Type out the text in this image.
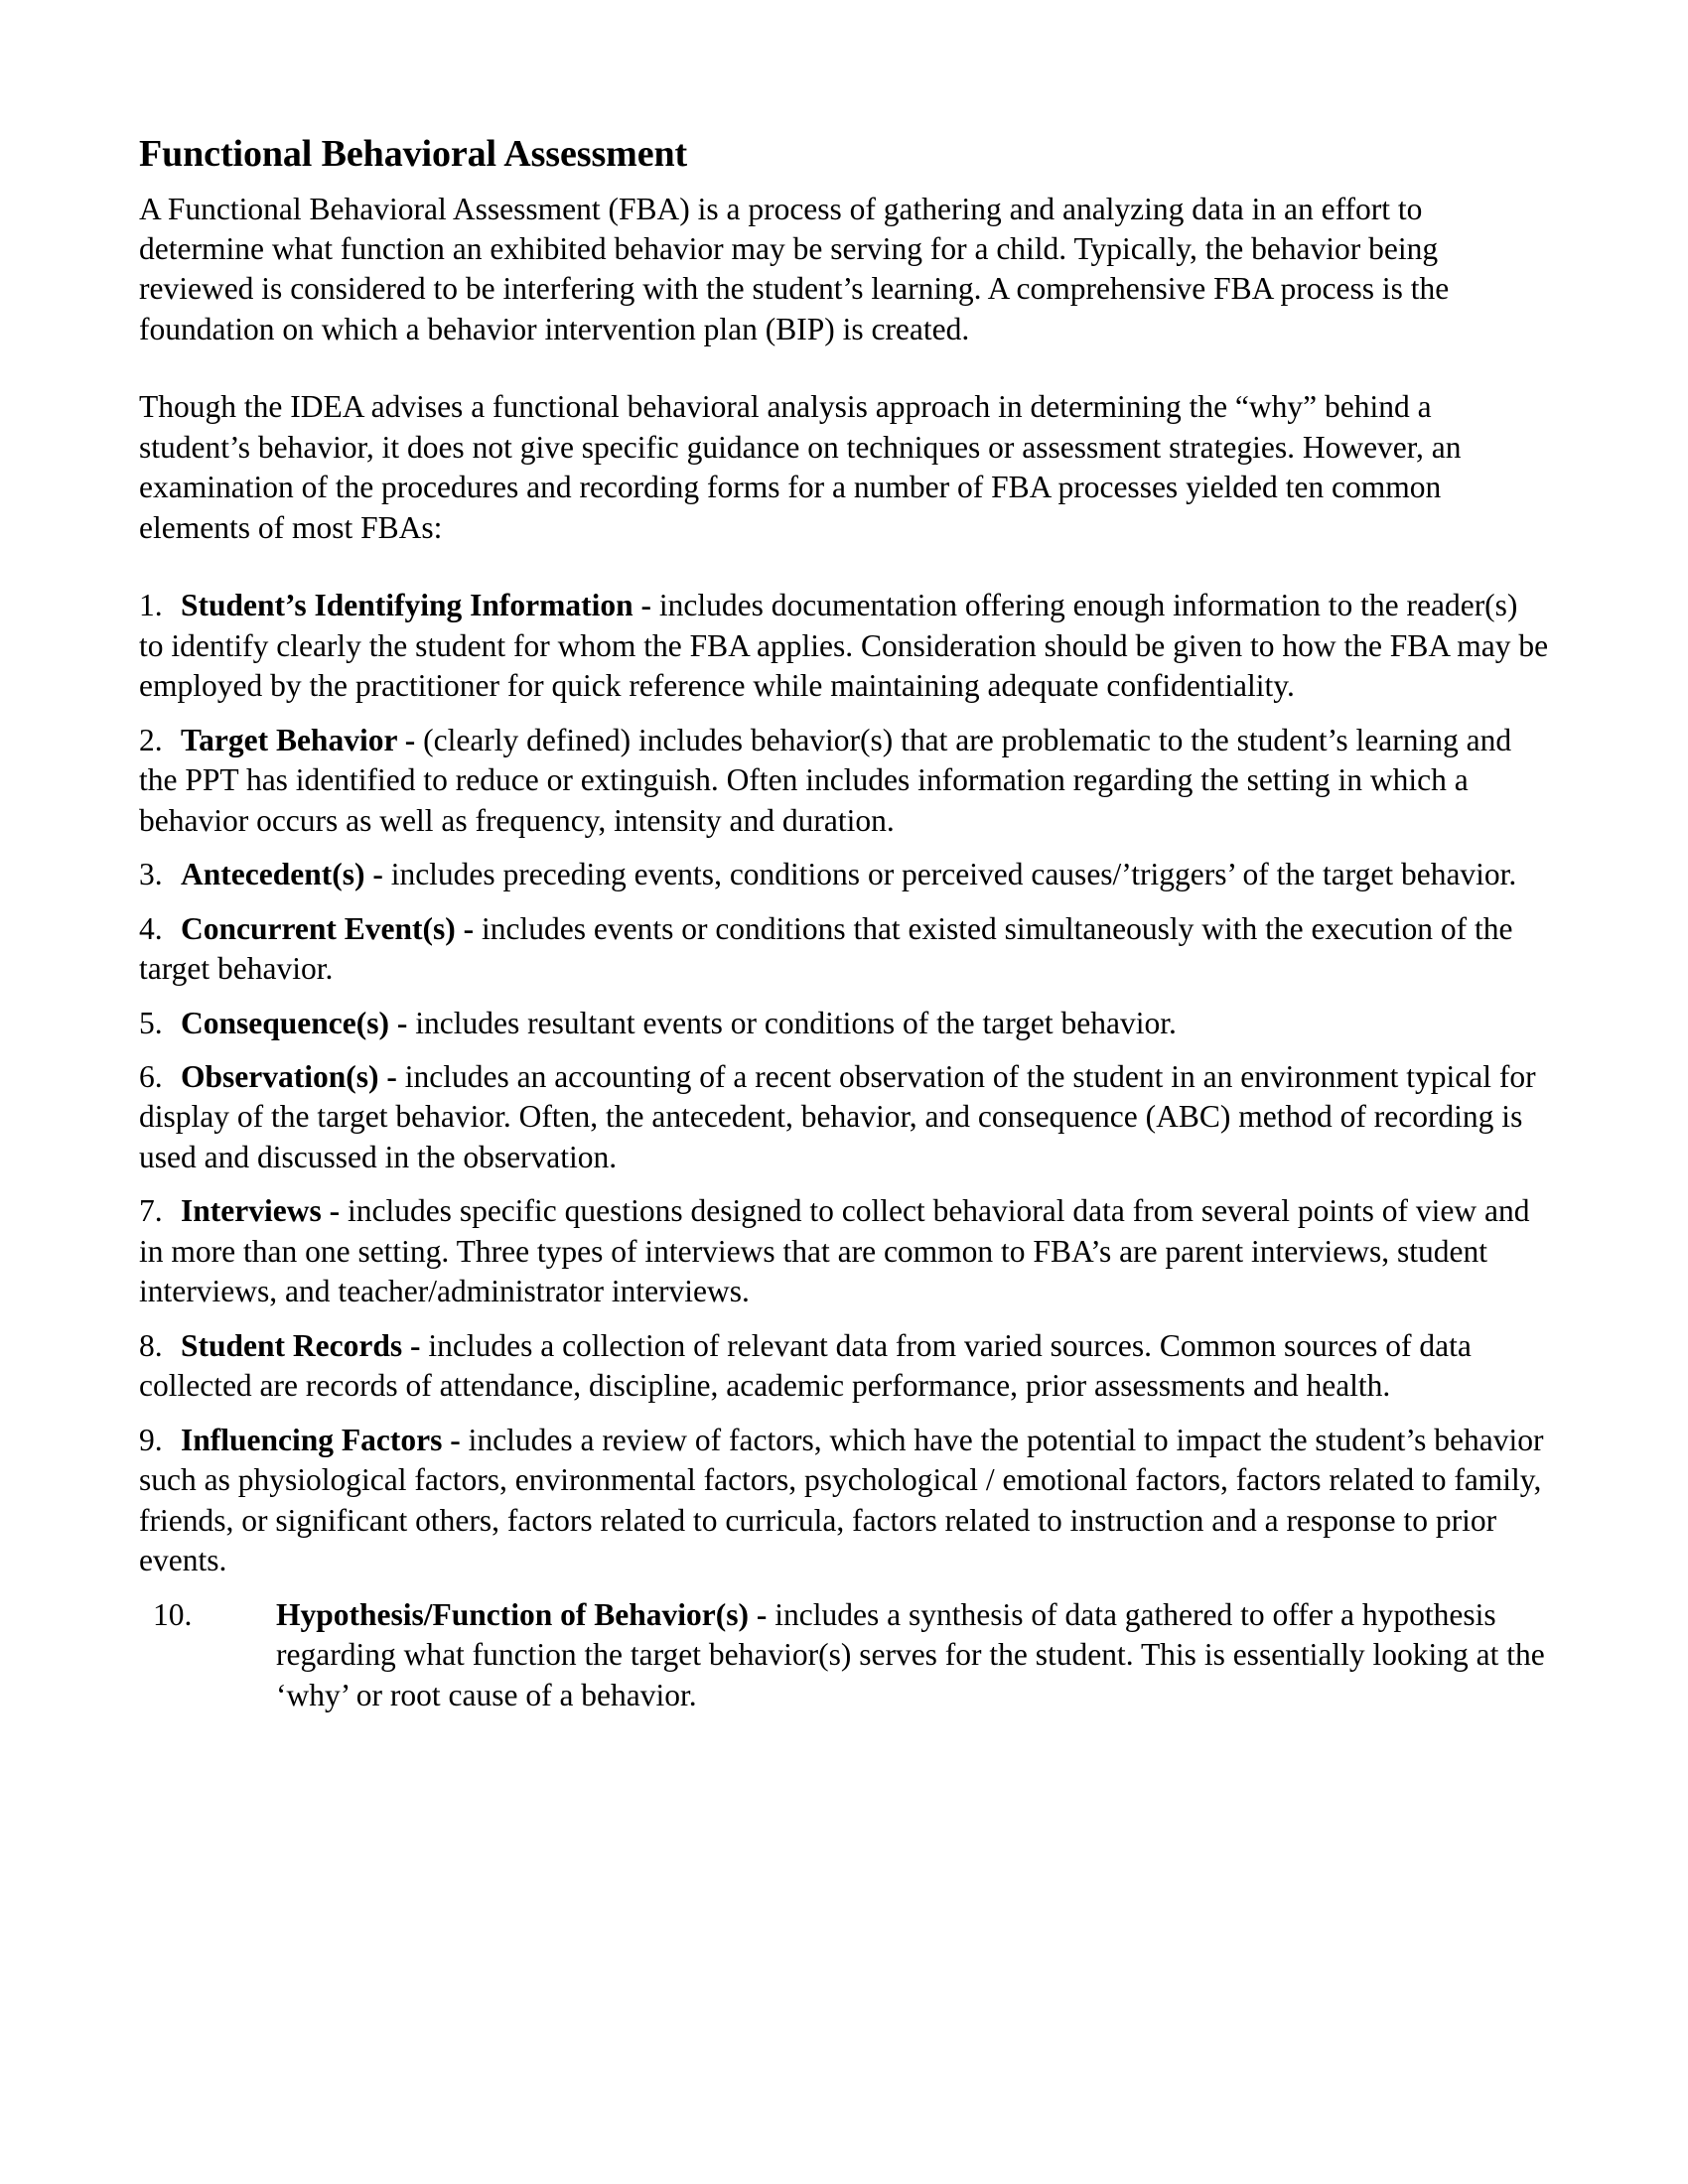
Functional Behavioral Assessment

A Functional Behavioral Assessment (FBA) is a process of gathering and analyzing data in an effort to determine what function an exhibited behavior may be serving for a child. Typically, the behavior being reviewed is considered to be interfering with the student’s learning. A comprehensive FBA process is the foundation on which a behavior intervention plan (BIP) is created.

Though the IDEA advises a functional behavioral analysis approach in determining the “why” behind a student’s behavior, it does not give specific guidance on techniques or assessment strategies. However, an examination of the procedures and recording forms for a number of FBA processes yielded ten common elements of most FBAs:

1. Student’s Identifying Information - includes documentation offering enough information to the reader(s) to identify clearly the student for whom the FBA applies. Consideration should be given to how the FBA may be employed by the practitioner for quick reference while maintaining adequate confidentiality.
2. Target Behavior - (clearly defined) includes behavior(s) that are problematic to the student’s learning and the PPT has identified to reduce or extinguish. Often includes information regarding the setting in which a behavior occurs as well as frequency, intensity and duration.
3. Antecedent(s) - includes preceding events, conditions or perceived causes/’triggers’ of the target behavior.
4. Concurrent Event(s) - includes events or conditions that existed simultaneously with the execution of the target behavior.
5. Consequence(s) - includes resultant events or conditions of the target behavior.
6. Observation(s) - includes an accounting of a recent observation of the student in an environment typical for display of the target behavior. Often, the antecedent, behavior, and consequence (ABC) method of recording is used and discussed in the observation.
7. Interviews - includes specific questions designed to collect behavioral data from several points of view and in more than one setting. Three types of interviews that are common to FBA’s are parent interviews, student interviews, and teacher/administrator interviews.
8. Student Records - includes a collection of relevant data from varied sources. Common sources of data collected are records of attendance, discipline, academic performance, prior assessments and health.
9. Influencing Factors - includes a review of factors, which have the potential to impact the student’s behavior such as physiological factors, environmental factors, psychological / emotional factors, factors related to family, friends, or significant others, factors related to curricula, factors related to instruction and a response to prior events.
10.	Hypothesis/Function of Behavior(s) - includes a synthesis of data gathered to offer a hypothesis regarding what function the target behavior(s) serves for the student. This is essentially looking at the ‘why’ or root cause of a behavior.
